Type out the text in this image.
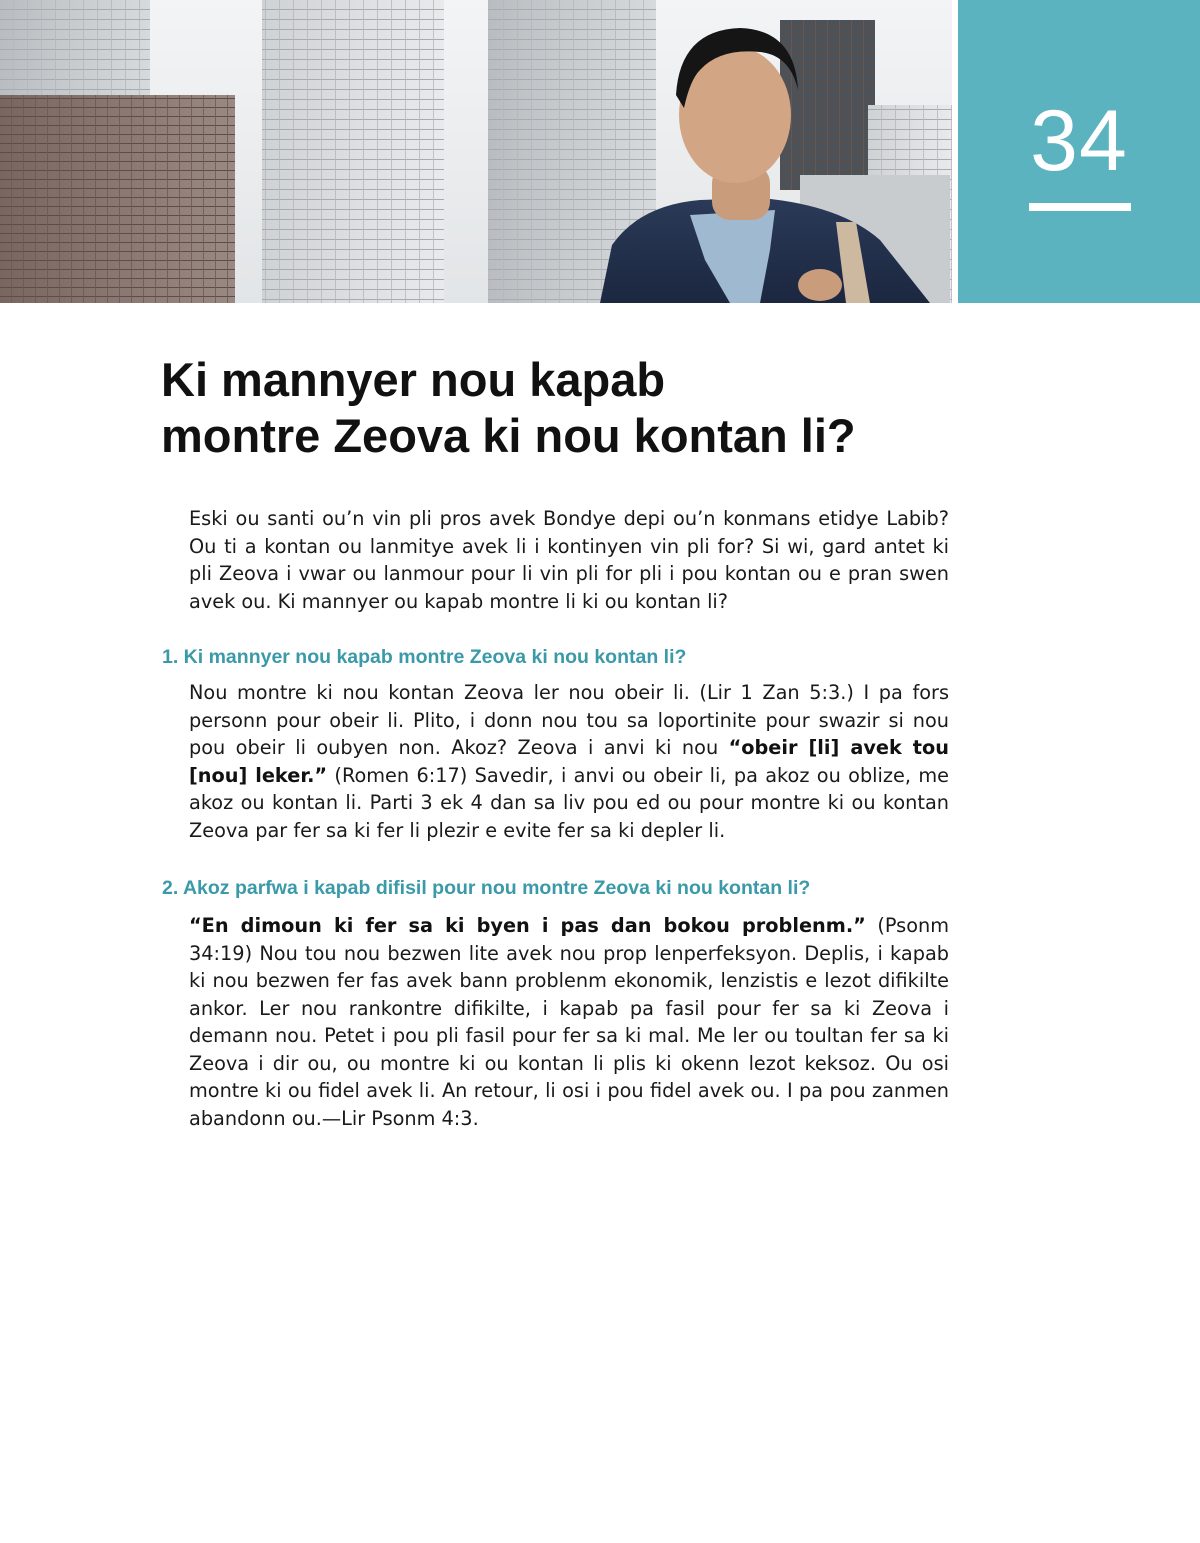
34
Ki mannyer nou kapab
montre Zeova ki nou kontan li?

Eski ou santi ou’n vin pli pros avek Bondye depi ou’n konmans etidye Labib? Ou ti a kontan ou lanmitye avek li i kontinyen vin pli for? Si wi, gard antet ki pli Zeova i vwar ou lanmour pour li vin pli for pli i pou kontan ou e pran swen avek ou. Ki mannyer ou kapab montre li ki ou kontan li?

1. Ki mannyer nou kapab montre Zeova ki nou kontan li?

Nou montre ki nou kontan Zeova ler nou obeir li. (Lir 1 Zan 5:3.) I pa fors personn pour obeir li. Plito, i donn nou tou sa loportinite pour swazir si nou pou obeir li oubyen non. Akoz? Zeova i anvi ki nou “obeir [li] avek tou [nou] leker.” (Romen 6:17) Savedir, i anvi ou obeir li, pa akoz ou oblize, me akoz ou kontan li. Parti 3 ek 4 dan sa liv pou ed ou pour montre ki ou kontan Zeova par fer sa ki fer li plezir e evite fer sa ki depler li.

2. Akoz parfwa i kapab difisil pour nou montre Zeova ki nou kontan li?

“En dimoun ki fer sa ki byen i pas dan bokou problenm.” (Psonm 34:19) Nou tou nou bezwen lite avek nou prop lenperfeksyon. Deplis, i kapab ki nou bezwen fer fas avek bann problenm ekonomik, lenzistis e lezot difikilte ankor. Ler nou rankontre difikilte, i kapab pa fasil pour fer sa ki Zeova i demann nou. Petet i pou pli fasil pour fer sa ki mal. Me ler ou toultan fer sa ki Zeova i dir ou, ou montre ki ou kontan li plis ki okenn lezot keksoz. Ou osi montre ki ou fidel avek li. An retour, li osi i pou fidel avek ou. I pa pou zanmen abandonn ou.—Lir Psonm 4:3.
